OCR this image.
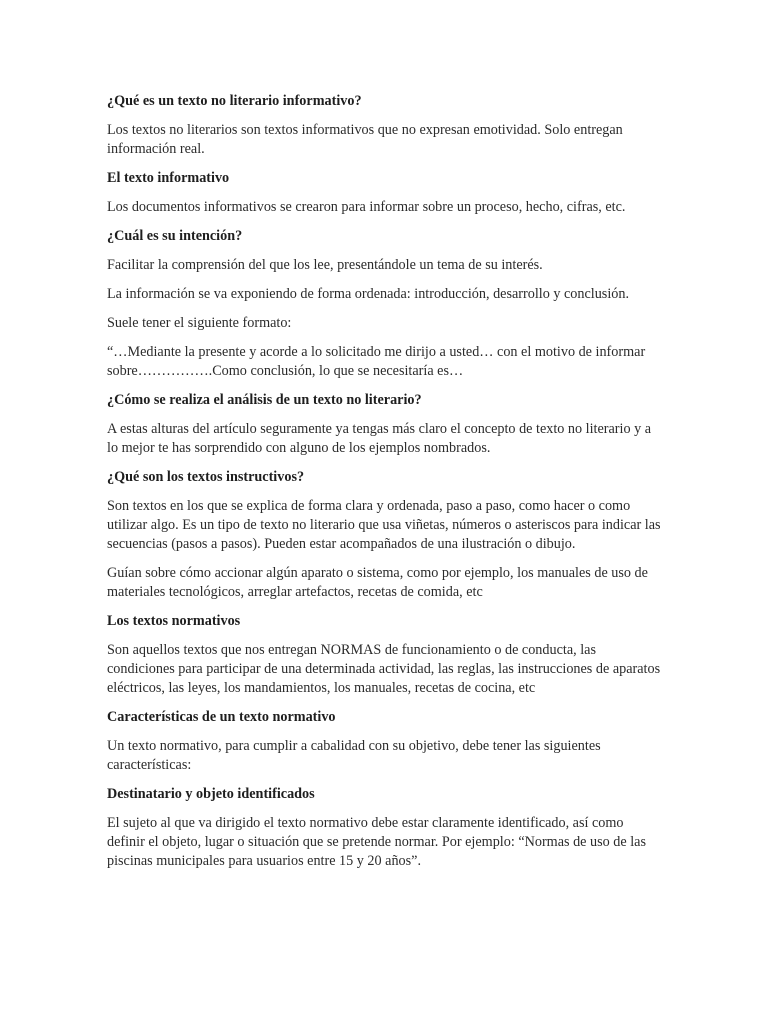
¿Qué es un texto no literario informativo?

Los textos no literarios son textos informativos que no expresan emotividad. Solo entregan información real.

El texto informativo

Los documentos informativos se crearon para informar sobre un proceso, hecho, cifras, etc.

¿Cuál es su intención?

Facilitar la comprensión del que los lee, presentándole un tema de su interés.

La información se va exponiendo de forma ordenada: introducción, desarrollo y conclusión.

Suele tener el siguiente formato:

“…Mediante la presente y acorde a lo solicitado me dirijo a usted… con el motivo de informar sobre…………….Como conclusión, lo que se necesitaría es…

¿Cómo se realiza el análisis de un texto no literario?

A estas alturas del artículo seguramente ya tengas más claro el concepto de texto no literario y a lo mejor te has sorprendido con alguno de los ejemplos nombrados.

¿Qué son los textos instructivos?

Son textos en los que se explica de forma clara y ordenada, paso a paso, como hacer o como utilizar algo. Es un tipo de texto no literario que usa viñetas, números o asteriscos para indicar las secuencias (pasos a pasos). Pueden estar acompañados de una ilustración o dibujo.

Guían sobre cómo accionar algún aparato o sistema, como por ejemplo, los manuales de uso de materiales tecnológicos, arreglar artefactos, recetas de comida, etc

Los textos normativos

Son aquellos textos que nos entregan NORMAS de funcionamiento o de conducta, las condiciones para participar de una determinada actividad, las reglas, las instrucciones de aparatos eléctricos, las leyes, los mandamientos, los manuales, recetas de cocina, etc

Características de un texto normativo

Un texto normativo, para cumplir a cabalidad con su objetivo, debe tener las siguientes características:

Destinatario y objeto identificados

El sujeto al que va dirigido el texto normativo debe estar claramente identificado, así como definir el objeto, lugar o situación que se pretende normar. Por ejemplo: “Normas de uso de las piscinas municipales para usuarios entre 15 y 20 años”.
